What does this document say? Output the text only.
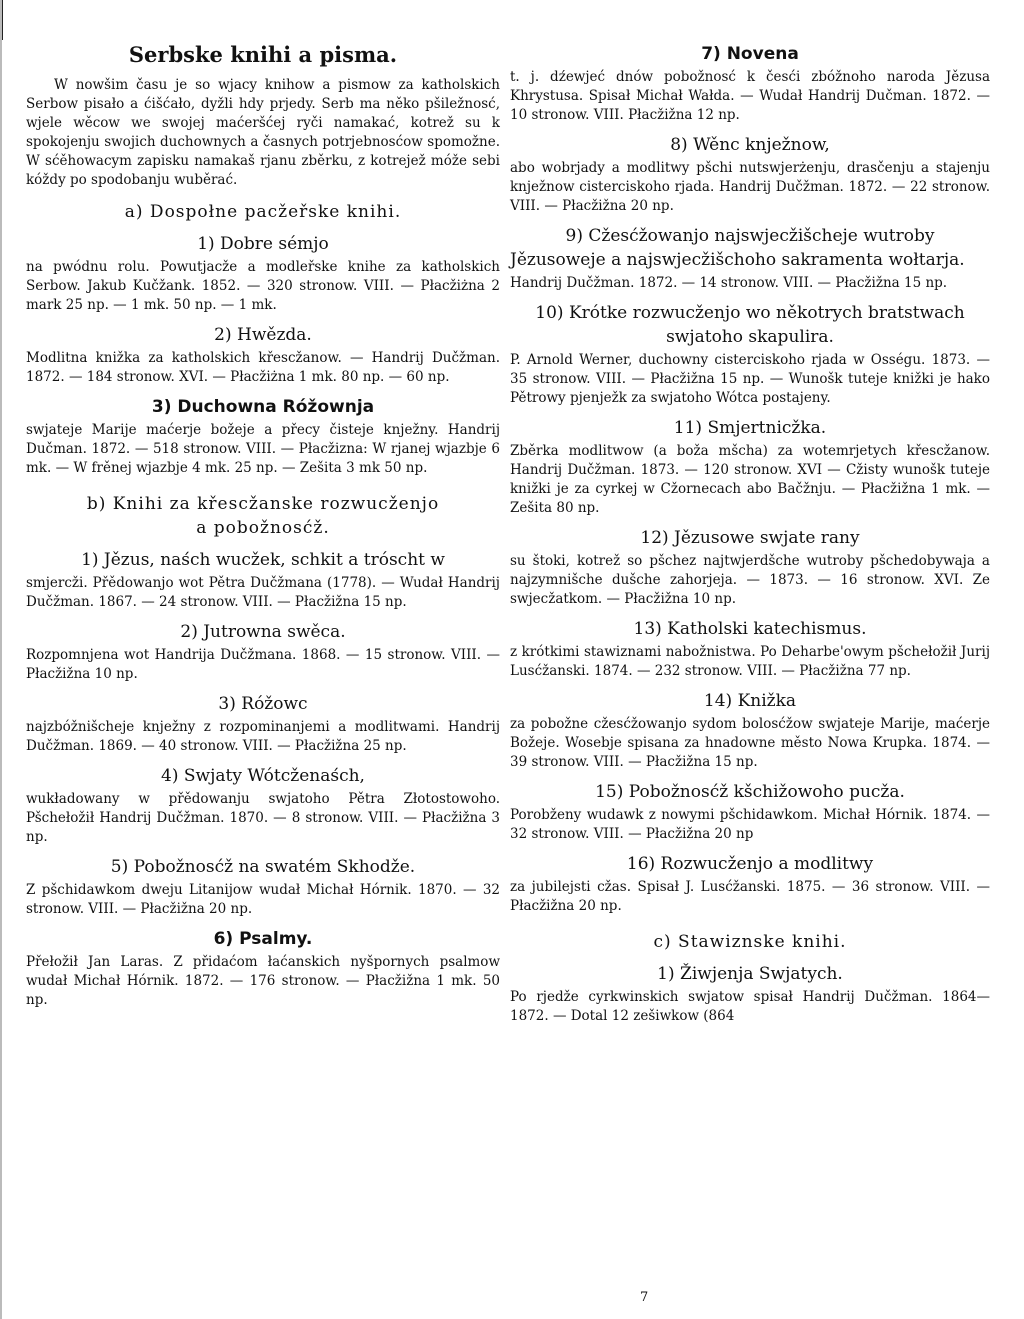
Serbske knihi a pisma.

W nowšim času je so wjacy knihow a pismow za katholskich Serbow pisało a ćišćało, dyžli hdy prjedy. Serb ma něko pšiležnosć, wjele wěcow we swojej maćeršćej ryči namakać, kotrež su k spokojenju swojich duchownych a časnych potrjebnosćow spomožne. W sćěhowacym zapisku namakaš rjanu zběrku, z kotrejež móže sebi kóždy po spodobanju wuběrać.

a) Dospołne pacžeřske knihi.
1) Dobre sémjo

na pwódnu rolu. Powutjacže a modleřske knihe za katholskich Serbow. Jakub Kučžank. 1852. — 320 stronow. VIII. — Płacžiżna 2 mark 25 np. — 1 mk. 50 np. — 1 mk.

2) Hwězda.

Modlitna knižka za katholskich křescžanow. — Handrij Dučžman. 1872. — 184 stronow. XVI. — Płacžiżna 1 mk. 80 np. — 60 np.

3) Duchowna Róžownja

swjateje Marije maćerje božeje a přecy čisteje knježny. Handrij Dučman. 1872. — 518 stronow. VIII. — Płacžizna: W rjanej wjazbje 6 mk. — W frěnej wjazbje 4 mk. 25 np. — Zešita 3 mk 50 np.

b) Knihi za křescžanske rozwucženjo
a pobožnosćž.
1) Jězus, naśch wucžek, schkit a tróscht w

smjercži. Přědowanjo wot Pětra Dučžmana (1778). — Wudał Handrij Dučžman. 1867. — 24 stronow. VIII. — Płacžižna 15 np.

2) Jutrowna swěca.

Rozpomnjena wot Handrija Dučžmana. 1868. — 15 stronow. VIII. — Płacžižna 10 np.

3) Róžowc

najzbóžnišcheje knježny z rozpominanjemi a modlitwami. Handrij Dučžman. 1869. — 40 stronow. VIII. — Płacžižna 25 np.

4) Swjaty Wótcženaśch,

wukładowany w přědowanju swjatoho Pětra Złotostowoho. Pšchełožił Handrij Dučžman. 1870. — 8 stronow. VIII. — Płacžižna 3 np.

5) Pobožnosćž na swatém Skhodže.

Z pšchidawkom dweju Litanijow wudał Michał Hórnik. 1870. — 32 stronow. VIII. — Płacžižna 20 np.

6) Psalmy.

Přełožił Jan Laras. Z přidaćom łaćanskich nyšpornych psalmow wudał Michał Hórnik. 1872. — 176 stronow. — Płacžižna 1 mk. 50 np.

7) Novena

t. j. dźewjeć dnów pobožnosć k česći zbóžnoho naroda Jězusa Khrystusa. Spisał Michał Wałda. — Wudał Handrij Dučman. 1872. — 10 stronow. VIII. Płacžižna 12 np.

8) Wěnc knježnow,

abo wobrjady a modlitwy pšchi nutswjerżenju, drasčenju a stajenju knježnow cisterciskoho rjada. Handrij Dučžman. 1872. — 22 stronow. VIII. — Płacžižna 20 np.

9) Cžesćžowanjo najswjecžišcheje wutroby
Jězusoweje a najswjecžišchoho sakramenta wołtarja.

Handrij Dučžman. 1872. — 14 stronow. VIII. — Płacžižna 15 np.

10) Krótke rozwucženjo wo někotrych bratstwach
swjatoho skapulira.

P. Arnold Werner, duchowny cisterciskoho rjada w Osségu. 1873. — 35 stronow. VIII. — Płacžižna 15 np. — Wunošk tuteje knižki je hako Pětrowy pjenježk za swjatoho Wótca postajeny.

11) Smjertnicžka.

Zběrka modlitwow (a boža mšcha) za wotemrjetych křescžanow. Handrij Dučžman. 1873. — 120 stronow. XVI — Cžisty wunošk tuteje knižki je za cyrkej w Cžornecach abo Bačžnju. — Płacžižna 1 mk. — Zešita 80 np.

12) Jězusowe swjate rany

su štoki, kotrež so pšchez najtwjerdšche wutroby pšchedobywaja a najzymnišche dušche zahorjeja. — 1873. — 16 stronow. XVI. Ze swjecžatkom. — Płacžižna 10 np.

13) Katholski katechismus.

z krótkimi stawiznami nabožnistwa. Po Deharbe'owym pšchełožił Jurij Lusćžanski. 1874. — 232 stronow. VIII. — Płacžižna 77 np.

14) Knižka

za pobožne cžesćžowanjo sydom bolosćžow swjateje Marije, maćerje Božeje. Wosebje spisana za hnadowne město Nowa Krupka. 1874. — 39 stronow. VIII. — Płacžižna 15 np.

15) Pobožnosćž kšchižowoho pucža.

Porobženy wudawk z nowymi pšchidawkom. Michał Hórnik. 1874. — 32 stronow. VIII. — Płacžižna 20 np

16) Rozwucženjo a modlitwy

za jubilejsti cžas. Spisał J. Lusćžanski. 1875. — 36 stronow. VIII. — Płacžižna 20 np.

c) Stawiznske knihi.
1) Žiwjenja Swjatych.

Po rjedže cyrkwinskich swjatow spisał Handrij Dučžman. 1864—1872. — Dotal 12 zešiwkow (864

7
